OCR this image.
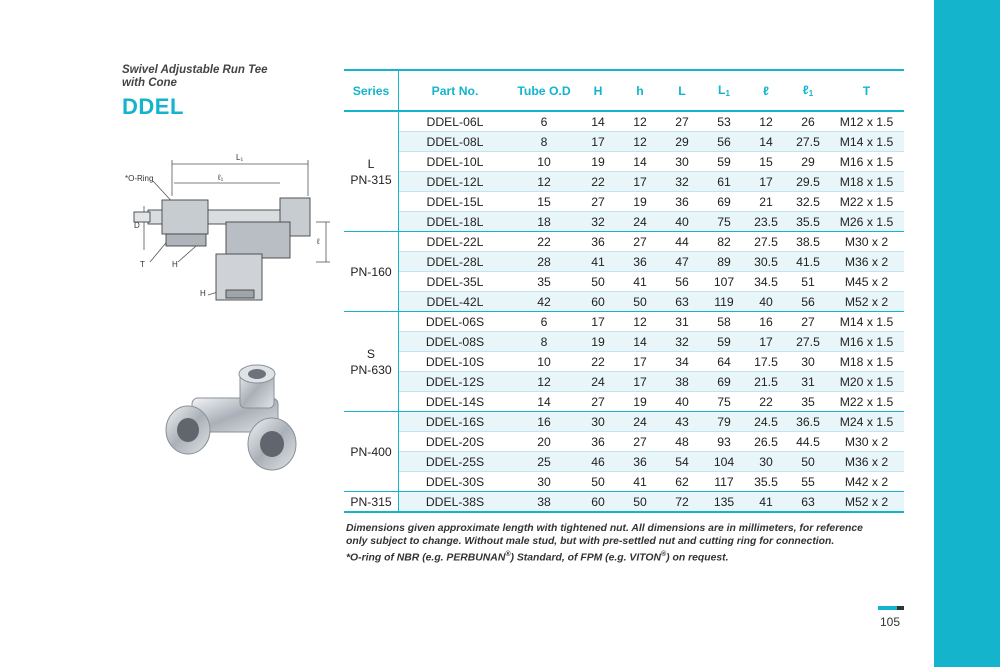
Swivel Adjustable Run Tee
with Cone
DDEL
*O-Ring
L₁
ℓ₁
D
T	H
H
ℓ
Series	Part No.	Tube O.D	H	h	L	$L_1$	ℓ	ℓ$_1$	T

L
PN-315	DDEL-06L	6	14	12	27	53	12	26	M12 x 1.5
	DDEL-08L	8	17	12	29	56	14	27.5	M14 x 1.5
	DDEL-10L	10	19	14	30	59	15	29	M16 x 1.5
	DDEL-12L	12	22	17	32	61	17	29.5	M18 x 1.5
	DDEL-15L	15	27	19	36	69	21	32.5	M22 x 1.5
	DDEL-18L	18	32	24	40	75	23.5	35.5	M26 x 1.5

PN-160	DDEL-22L	22	36	27	44	82	27.5	38.5	M30 x 2
	DDEL-28L	28	41	36	47	89	30.5	41.5	M36 x 2
	DDEL-35L	35	50	41	56	107	34.5	51	M45 x 2
	DDEL-42L	42	60	50	63	119	40	56	M52 x 2

S
PN-630	DDEL-06S	6	17	12	31	58	16	27	M14 x 1.5
	DDEL-08S	8	19	14	32	59	17	27.5	M16 x 1.5
	DDEL-10S	10	22	17	34	64	17.5	30	M18 x 1.5
	DDEL-12S	12	24	17	38	69	21.5	31	M20 x 1.5
	DDEL-14S	14	27	19	40	75	22	35	M22 x 1.5

PN-400	DDEL-16S	16	30	24	43	79	24.5	36.5	M24 x 1.5
	DDEL-20S	20	36	27	48	93	26.5	44.5	M30 x 2
	DDEL-25S	25	46	36	54	104	30	50	M36 x 2
	DDEL-30S	30	50	41	62	117	35.5	55	M42 x 2

PN-315	DDEL-38S	38	60	50	72	135	41	63	M52 x 2
Dimensions given approximate length with tightened nut. All dimensions are in millimeters, for reference
only subject to change. Without male stud, but with pre-settled nut and cutting ring for connection.
*O-ring of NBR (e.g. PERBUNAN®) Standard, of FPM (e.g. VITON®) on request.
105
